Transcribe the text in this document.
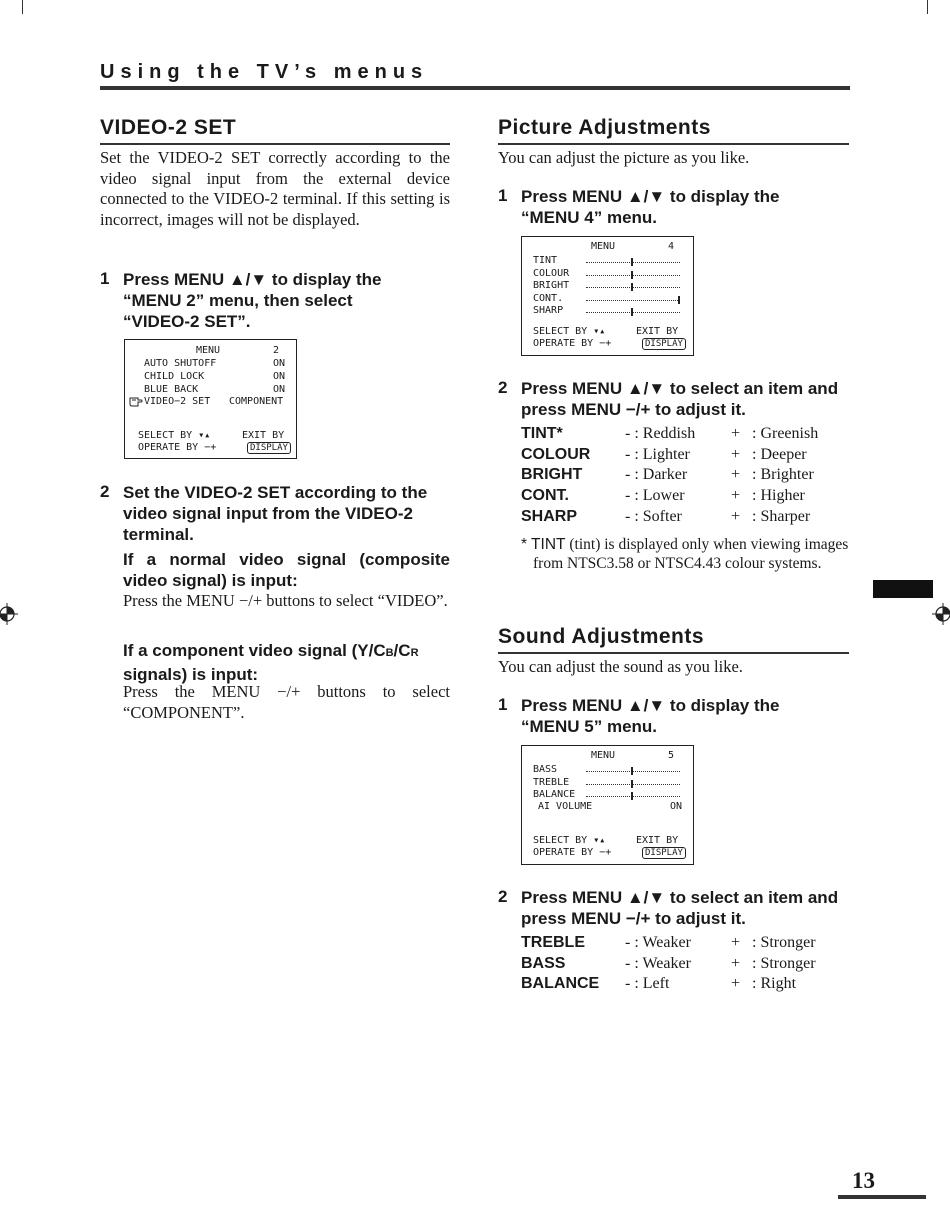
Using the TV’s menus
VIDEO-2 SET
Set the VIDEO-2 SET correctly according to the video signal input from the external device connected to the VIDEO-2 terminal. If this setting is incorrect, images will not be displayed.
1 Press MENU ▲/▼ to display the “MENU 2” menu, then select “VIDEO-2 SET”.
MENU	2
AUTO SHUTOFF	ON
CHILD LOCK	ON
BLUE BACK	ON
VIDEO−2 SET COMPONENT
SELECT BY ▾▴	EXIT BY
OPERATE BY −+	DISPLAY
2 Set the VIDEO-2 SET according to the video signal input from the VIDEO-2 terminal.
If a normal video signal (composite video signal) is input:
Press the MENU −/+ buttons to select “VIDEO”.
If a component video signal (Y/CB/CR
signals) is input:
Press the MENU −/+ buttons to select “COMPONENT”.
Picture Adjustments
You can adjust the picture as you like.
1 Press MENU ▲/▼ to display the “MENU 4” menu.
MENU	4
TINT
COLOUR
BRIGHT
CONT.
SHARP
SELECT BY ▾▴	EXIT BY
OPERATE BY −+	DISPLAY
2 Press MENU ▲/▼ to select an item and press MENU −/+ to adjust it.
TINT*	- : Reddish + : Greenish
COLOUR - : Lighter	+ : Deeper
BRIGHT	- : Darker	+ : Brighter
CONT.	- : Lower	+ : Higher
SHARP	- : Softer	+ : Sharper
* TINT (tint) is displayed only when viewing images from NTSC3.58 or NTSC4.43 colour systems.
Sound Adjustments
You can adjust the sound as you like.
1 Press MENU ▲/▼ to display the “MENU 5” menu.
MENU	5
BASS
TREBLE
BALANCE
AI VOLUME	ON
SELECT BY ▾▴	EXIT BY
OPERATE BY −+	DISPLAY
2 Press MENU ▲/▼ to select an item and press MENU −/+ to adjust it.
TREBLE	- : Weaker	+ : Stronger
BASS	- : Weaker	+ : Stronger
BALANCE - : Left	+ : Right
13
